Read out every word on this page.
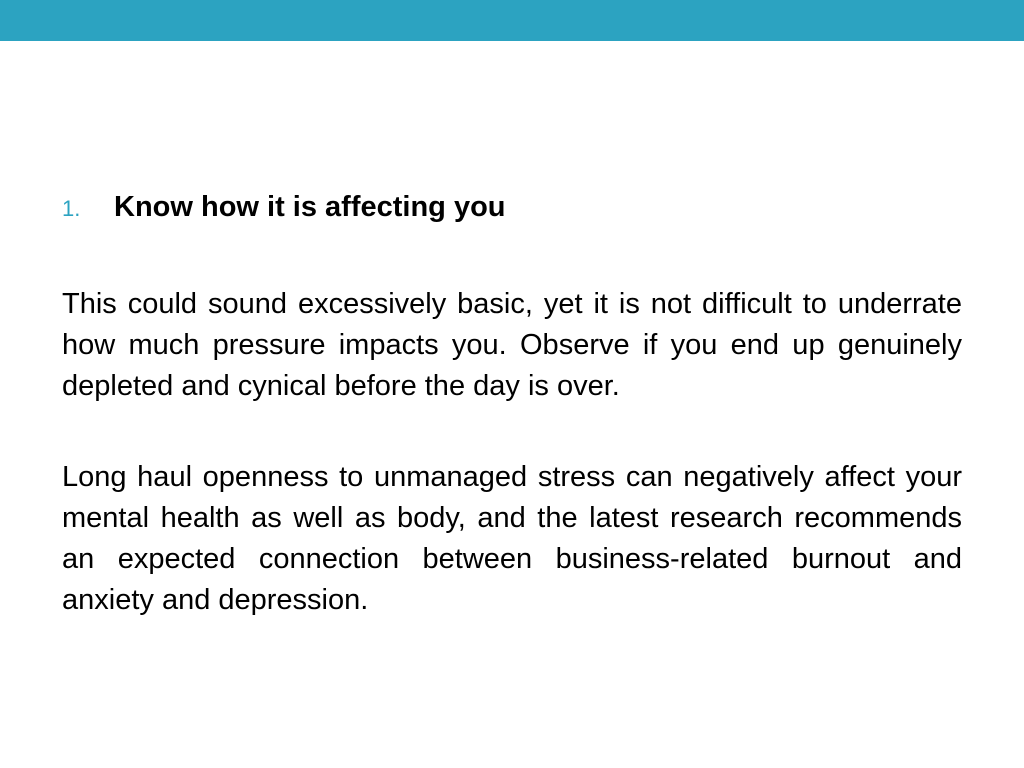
1. Know how it is affecting you

This could sound excessively basic, yet it is not difficult to underrate how much pressure impacts you. Observe if you end up genuinely depleted and cynical before the day is over.

Long haul openness to unmanaged stress can negatively affect your mental health as well as body, and the latest research recommends an expected connection between business-related burnout and anxiety and depression.
